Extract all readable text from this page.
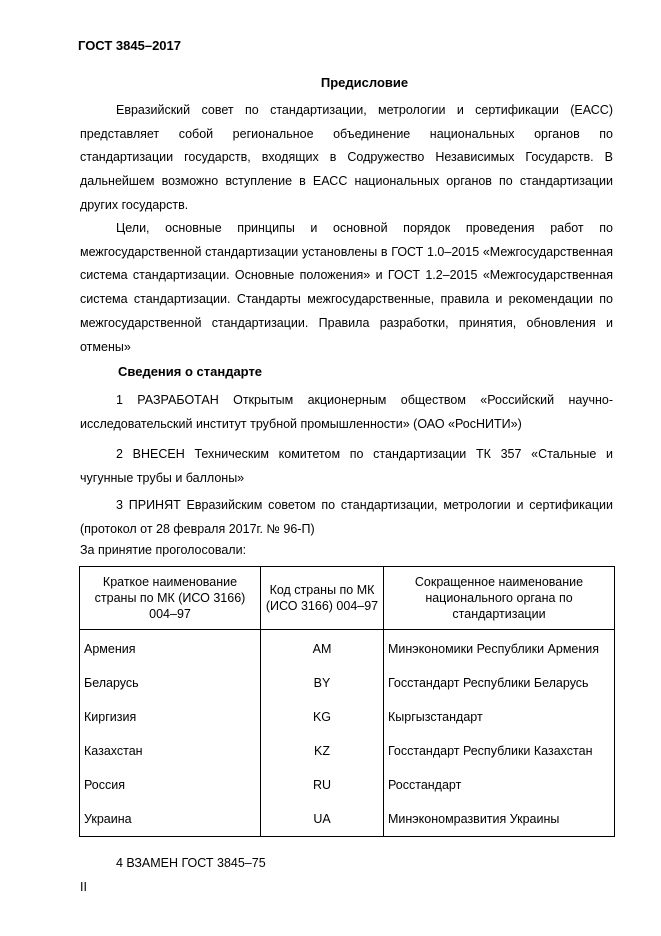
ГОСТ 3845–2017
Предисловие

Евразийский совет по стандартизации, метрологии и сертификации (ЕАСС) представляет собой региональное объединение национальных органов по стандартизации государств, входящих в Содружество Независимых Государств. В дальнейшем возможно вступление в ЕАСС национальных органов по стандартизации других государств.

Цели, основные принципы и основной порядок проведения работ по межгосударственной стандартизации установлены в ГОСТ 1.0–2015 «Межгосударственная система стандартизации. Основные положения» и ГОСТ 1.2–2015 «Межгосударственная система стандартизации. Стандарты межгосударственные, правила и рекомендации по межгосударственной стандартизации. Правила разработки, принятия, обновления и отмены»

Сведения о стандарте

1 РАЗРАБОТАН Открытым акционерным обществом «Российский научно-исследовательский институт трубной промышленности» (ОАО «РосНИТИ»)

2 ВНЕСЕН Техническим комитетом по стандартизации ТК 357 «Стальные и чугунные трубы и баллоны»

3 ПРИНЯТ Евразийским советом по стандартизации, метрологии и сертификации (протокол от 28 февраля 2017г. № 96-П)

За принятие проголосовали:
Краткое наименование страны по МК (ИСО 3166) 004–97	Код страны по МК (ИСО 3166) 004–97	Сокращенное наименование национального органа по стандартизации
Армения	AM	Минэкономики Республики Армения
Беларусь	BY	Госстандарт Республики Беларусь
Киргизия	KG	Кыргызстандарт
Казахстан	KZ	Госстандарт Республики Казахстан
Россия	RU	Росстандарт
Украина	UA	Минэкономразвития Украины

4 ВЗАМЕН ГОСТ 3845–75

II
